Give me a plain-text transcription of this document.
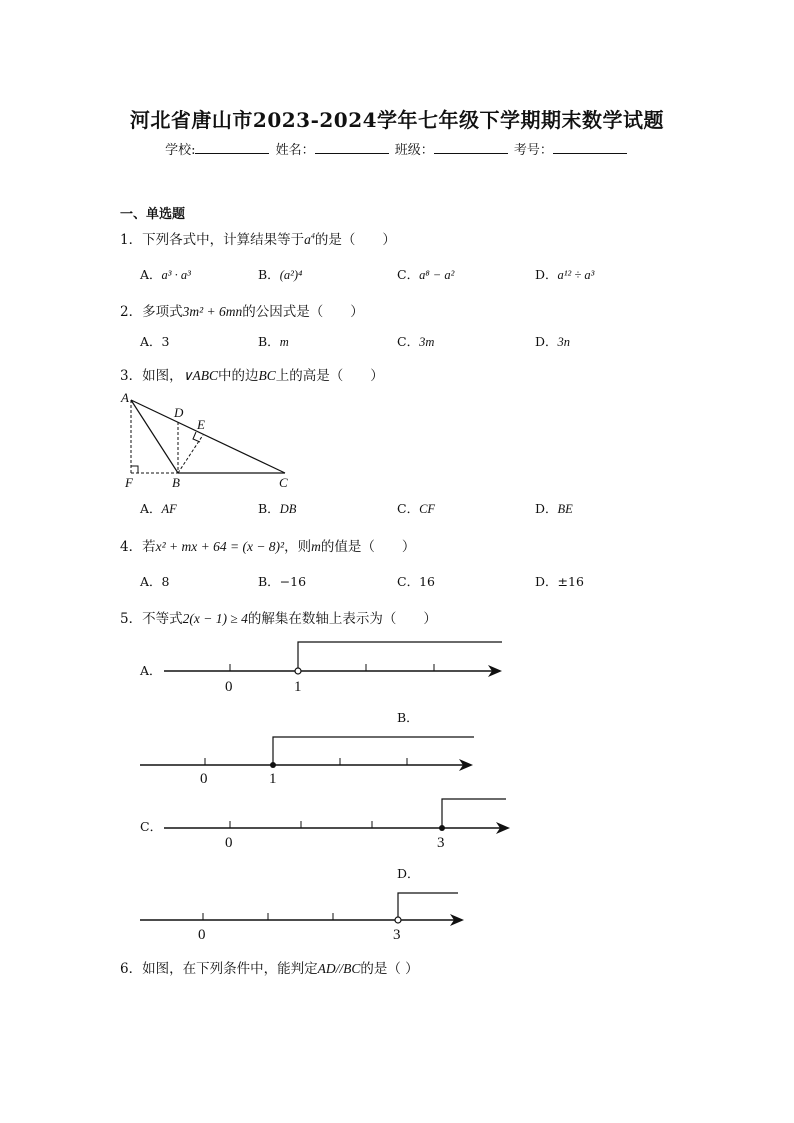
河北省唐山市2023-2024学年七年级下学期期末数学试题
学校:	姓名：	班级：	考号：
一、单选题
1．下列各式中，计算结果等于$a^4$的是（　　）
A．a³ · a³	B．(a²)⁴	C．a⁸ − a²	D．a¹² ÷ a³
2．多项式3m² + 6mn的公因式是（　　）
A．3	B．m	C．3m	D．3n
3．如图，∨ABC中的边BC上的高是（　　）
A
D
E
F	B	C
A．AF	B．DB	C．CF	D．BE
4．若x² + mx + 64 = (x − 8)²，则m的值是（　　）
A．8	B．−16	C．16	D．±16
5．不等式2(x − 1) ≥ 4的解集在数轴上表示为（　　）
A．
0	1
B．
0	1
C．
0	3
D．
0	3
6．如图，在下列条件中，能判定AD//BC的是（ ）
